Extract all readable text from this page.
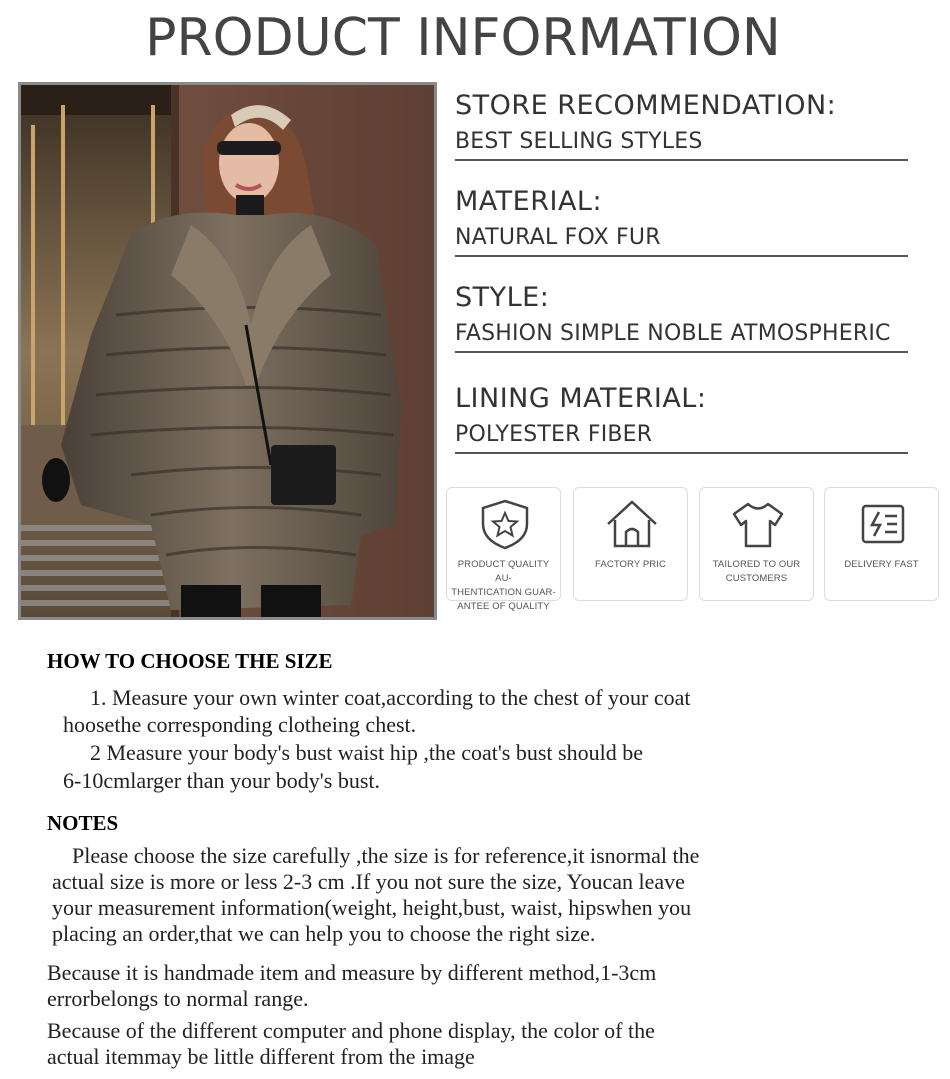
PRODUCT INFORMATION
STORE RECOMMENDATION:
BEST SELLING STYLES
MATERIAL:
NATURAL FOX FUR
STYLE:
FASHION SIMPLE NOBLE ATMOSPHERIC
LINING MATERIAL:
POLYESTER FIBER
PRODUCT QUALITY AU-
THENTICATION GUAR-
ANTEE OF QUALITY
FACTORY PRIC	TAILORED TO OUR
CUSTOMERS
DELIVERY FAST
HOW TO CHOOSE THE SIZE
1. Measure your own winter coat,according to the chest of your coat
hoosethe corresponding clotheing chest.
2 Measure your body's bust waist hip ,the coat's bust should be
6-10cmlarger than your body's bust.
NOTES
Please choose the size carefully ,the size is for reference,it isnormal the
actual size is more or less 2-3 cm .If you not sure the size, Youcan leave
your measurement information(weight, height,bust, waist, hipswhen you
placing an order,that we can help you to choose the right size.
Because it is handmade item and measure by different method,1-3cm
errorbelongs to normal range.
Because of the different computer and phone display, the color of the
actual itemmay be little different from the image
